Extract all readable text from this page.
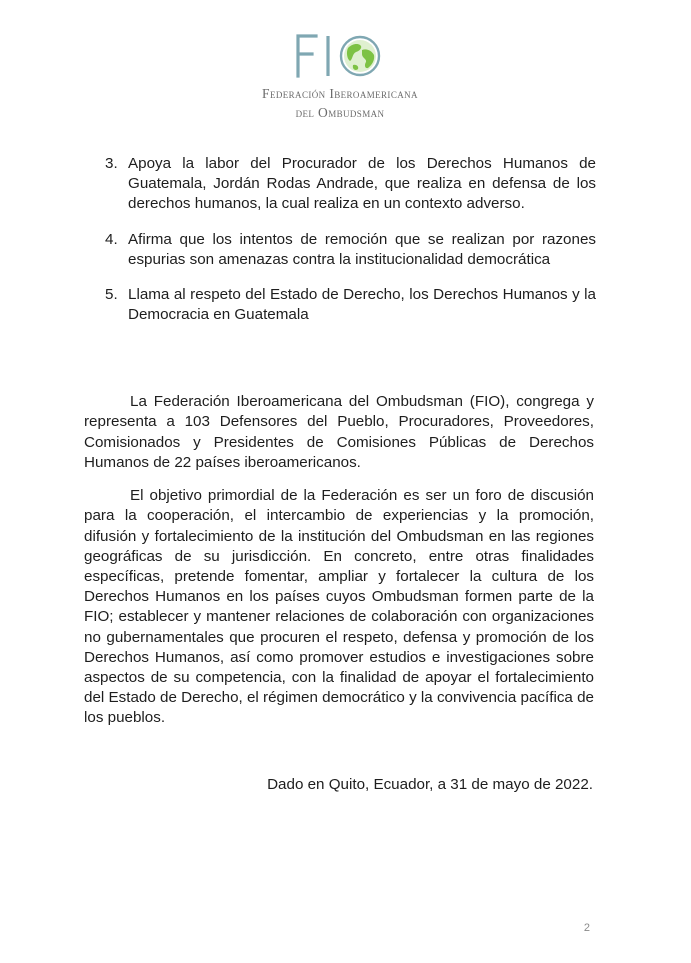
Federación Iberoamericana
del Ombudsman
3. Apoya la labor del Procurador de los Derechos Humanos de Guatemala, Jordán Rodas Andrade, que realiza en defensa de los derechos humanos, la cual realiza en un contexto adverso.
4. Afirma que los intentos de remoción que se realizan por razones espurias son amenazas contra la institucionalidad democrática
5. Llama al respeto del Estado de Derecho, los Derechos Humanos y la Democracia en Guatemala

La Federación Iberoamericana del Ombudsman (FIO), congrega y representa a 103 Defensores del Pueblo, Procuradores, Proveedores, Comisionados y Presidentes de Comisiones Públicas de Derechos Humanos de 22 países iberoamericanos.

El objetivo primordial de la Federación es ser un foro de discusión para la cooperación, el intercambio de experiencias y la promoción, difusión y fortalecimiento de la institución del Ombudsman en las regiones geográficas de su jurisdicción. En concreto, entre otras finalidades específicas, pretende fomentar, ampliar y fortalecer la cultura de los Derechos Humanos en los países cuyos Ombudsman formen parte de la FIO; establecer y mantener relaciones de colaboración con organizaciones no gubernamentales que procuren el respeto, defensa y promoción de los Derechos Humanos, así como promover estudios e investigaciones sobre aspectos de su competencia, con la finalidad de apoyar el fortalecimiento del Estado de Derecho, el régimen democrático y la convivencia pacífica de los pueblos.

Dado en Quito, Ecuador, a 31 de mayo de 2022.
2
